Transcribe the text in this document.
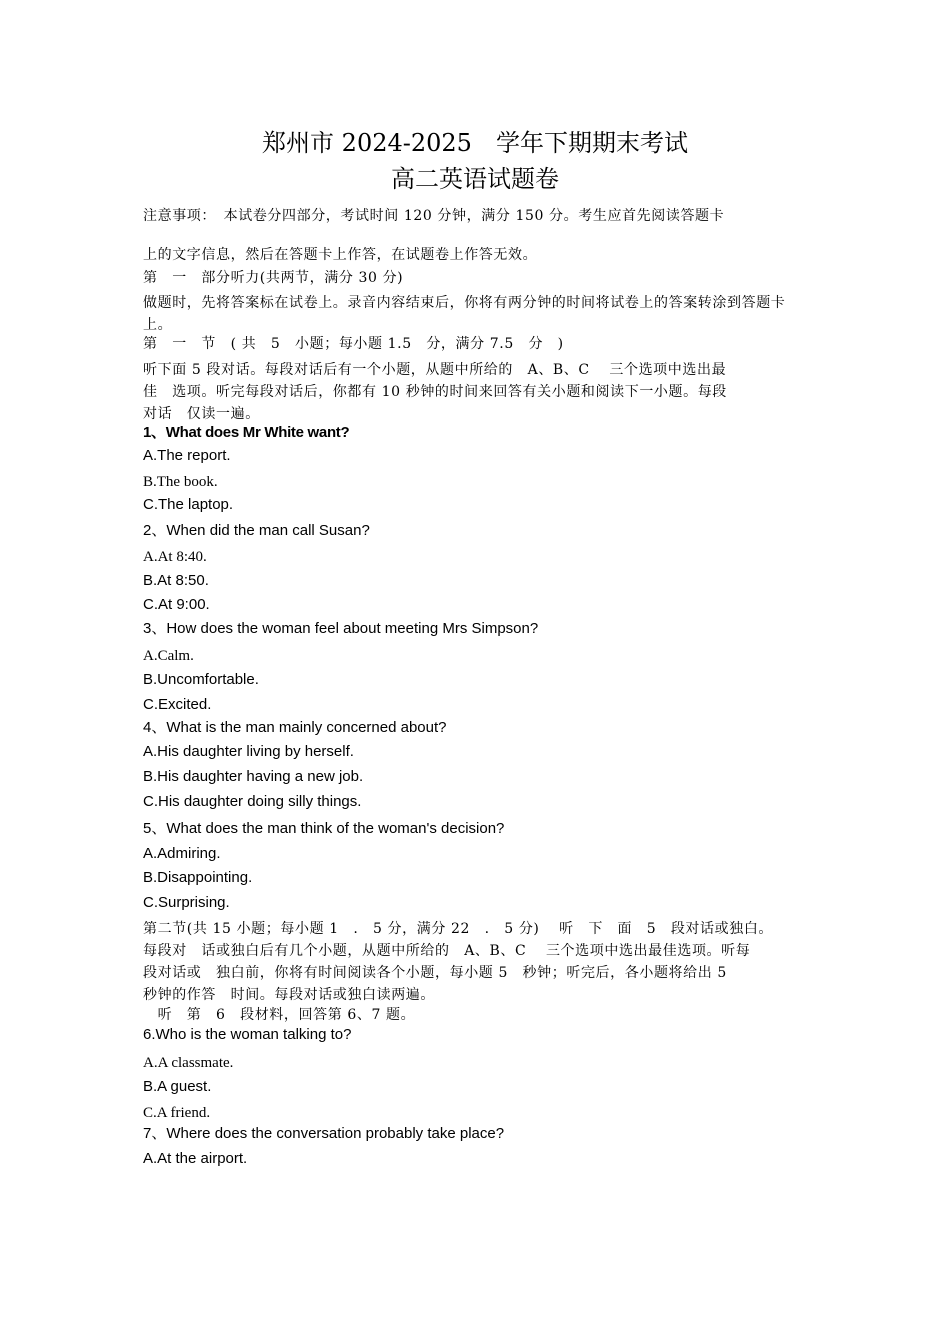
郑州市 2024-2025　学年下期期末考试
高二英语试题卷
注意事项：　本试卷分四部分，考试时间 120 分钟，满分 150 分。考生应首先阅读答题卡
上的文字信息，然后在答题卡上作答，在试题卷上作答无效。
第　一　部分听力(共两节，满分 30 分)
做题时，先将答案标在试卷上。录音内容结束后，你将有两分钟的时间将试卷上的答案转涂到答题卡上。
第　一　节　( 共　5　小题；每小题 1.5　分，满分 7.5　分　)
听下面 5 段对话。每段对话后有一个小题，从题中所给的　A、B、C　 三个选项中选出最
佳　选项。听完每段对话后，你都有 10 秒钟的时间来回答有关小题和阅读下一小题。每段
对话　仅读一遍。
1、What does Mr White want?
A.The report.
B.The book.
C.The laptop.
2、When did the man call Susan?
A.At 8:40.
B.At 8:50.
C.At 9:00.
3、How does the woman feel about meeting Mrs Simpson?
A.Calm.
B.Uncomfortable.
C.Excited.
4、What is the man mainly concerned about?
A.His daughter living by herself.
B.His daughter having a new job.
C.His daughter doing silly things.
5、What does the man think of the woman's decision?
A.Admiring.
B.Disappointing.
C.Surprising.
第二节(共 15 小题；每小题 1　.　5 分，满分 22　.　5 分)　 听　下　面　5　段对话或独白。
每段对　话或独白后有几个小题，从题中所给的　A、B、C　 三个选项中选出最佳选项。听每
段对话或　独白前，你将有时间阅读各个小题，每小题 5　秒钟；听完后，各小题将给出 5
秒钟的作答　时间。每段对话或独白读两遍。
　听　第　6　段材料，回答第 6、7 题。
6.Who is the woman talking to?
A.A classmate.
B.A guest.
C.A friend.
7、Where does the conversation probably take place?
A.At the airport.
